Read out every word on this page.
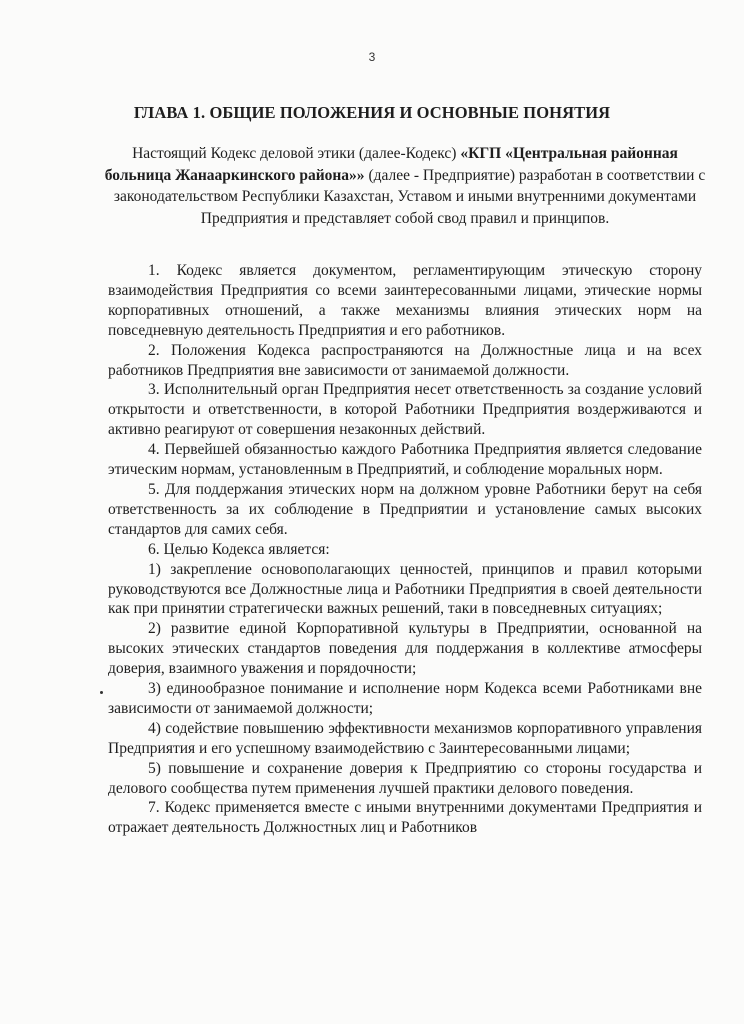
3
ГЛАВА 1. ОБЩИЕ ПОЛОЖЕНИЯ И ОСНОВНЫЕ ПОНЯТИЯ
Настоящий Кодекс деловой этики (далее-Кодекс) «КГП «Центральная районная больница Жанааркинского района»» (далее - Предприятие) разработан в соответствии с законодательством Республики Казахстан, Уставом и иными внутренними документами Предприятия и представляет собой свод правил и принципов.

1. Кодекс является документом, регламентирующим этическую сторону взаимодействия Предприятия со всеми заинтересованными лицами, этические нормы корпоративных отношений, а также механизмы влияния этических норм на повседневную деятельность Предприятия и его работников.

2. Положения Кодекса распространяются на Должностные лица и на всех работников Предприятия вне зависимости от занимаемой должности.

3. Исполнительный орган Предприятия несет ответственность за создание условий открытости и ответственности, в которой Работники Предприятия воздерживаются и активно реагируют от совершения незаконных действий.

4. Первейшей обязанностью каждого Работника Предприятия является следование этическим нормам, установленным в Предприятий, и соблюдение моральных норм.

5. Для поддержания этических норм на должном уровне Работники берут на себя ответственность за их соблюдение в Предприятии и установление самых высоких стандартов для самих себя.

6. Целью Кодекса является:

1) закрепление основополагающих ценностей, принципов и правил которыми руководствуются все Должностные лица и Работники Предприятия в своей деятельности как при принятии стратегически важных решений, таки в повседневных ситуациях;

2) развитие единой Корпоративной культуры в Предприятии, основанной на высоких этических стандартов поведения для поддержания в коллективе атмосферы доверия, взаимного уважения и порядочности;

3) единообразное понимание и исполнение норм Кодекса всеми Работниками вне зависимости от занимаемой должности;

4) содействие повышению эффективности механизмов корпоративного управления Предприятия и его успешному взаимодействию с Заинтересованными лицами;

5) повышение и сохранение доверия к Предприятию со стороны государства и делового сообщества путем применения лучшей практики делового поведения.

7. Кодекс применяется вместе с иными внутренними документами Предприятия и отражает деятельность Должностных лиц и Работников
